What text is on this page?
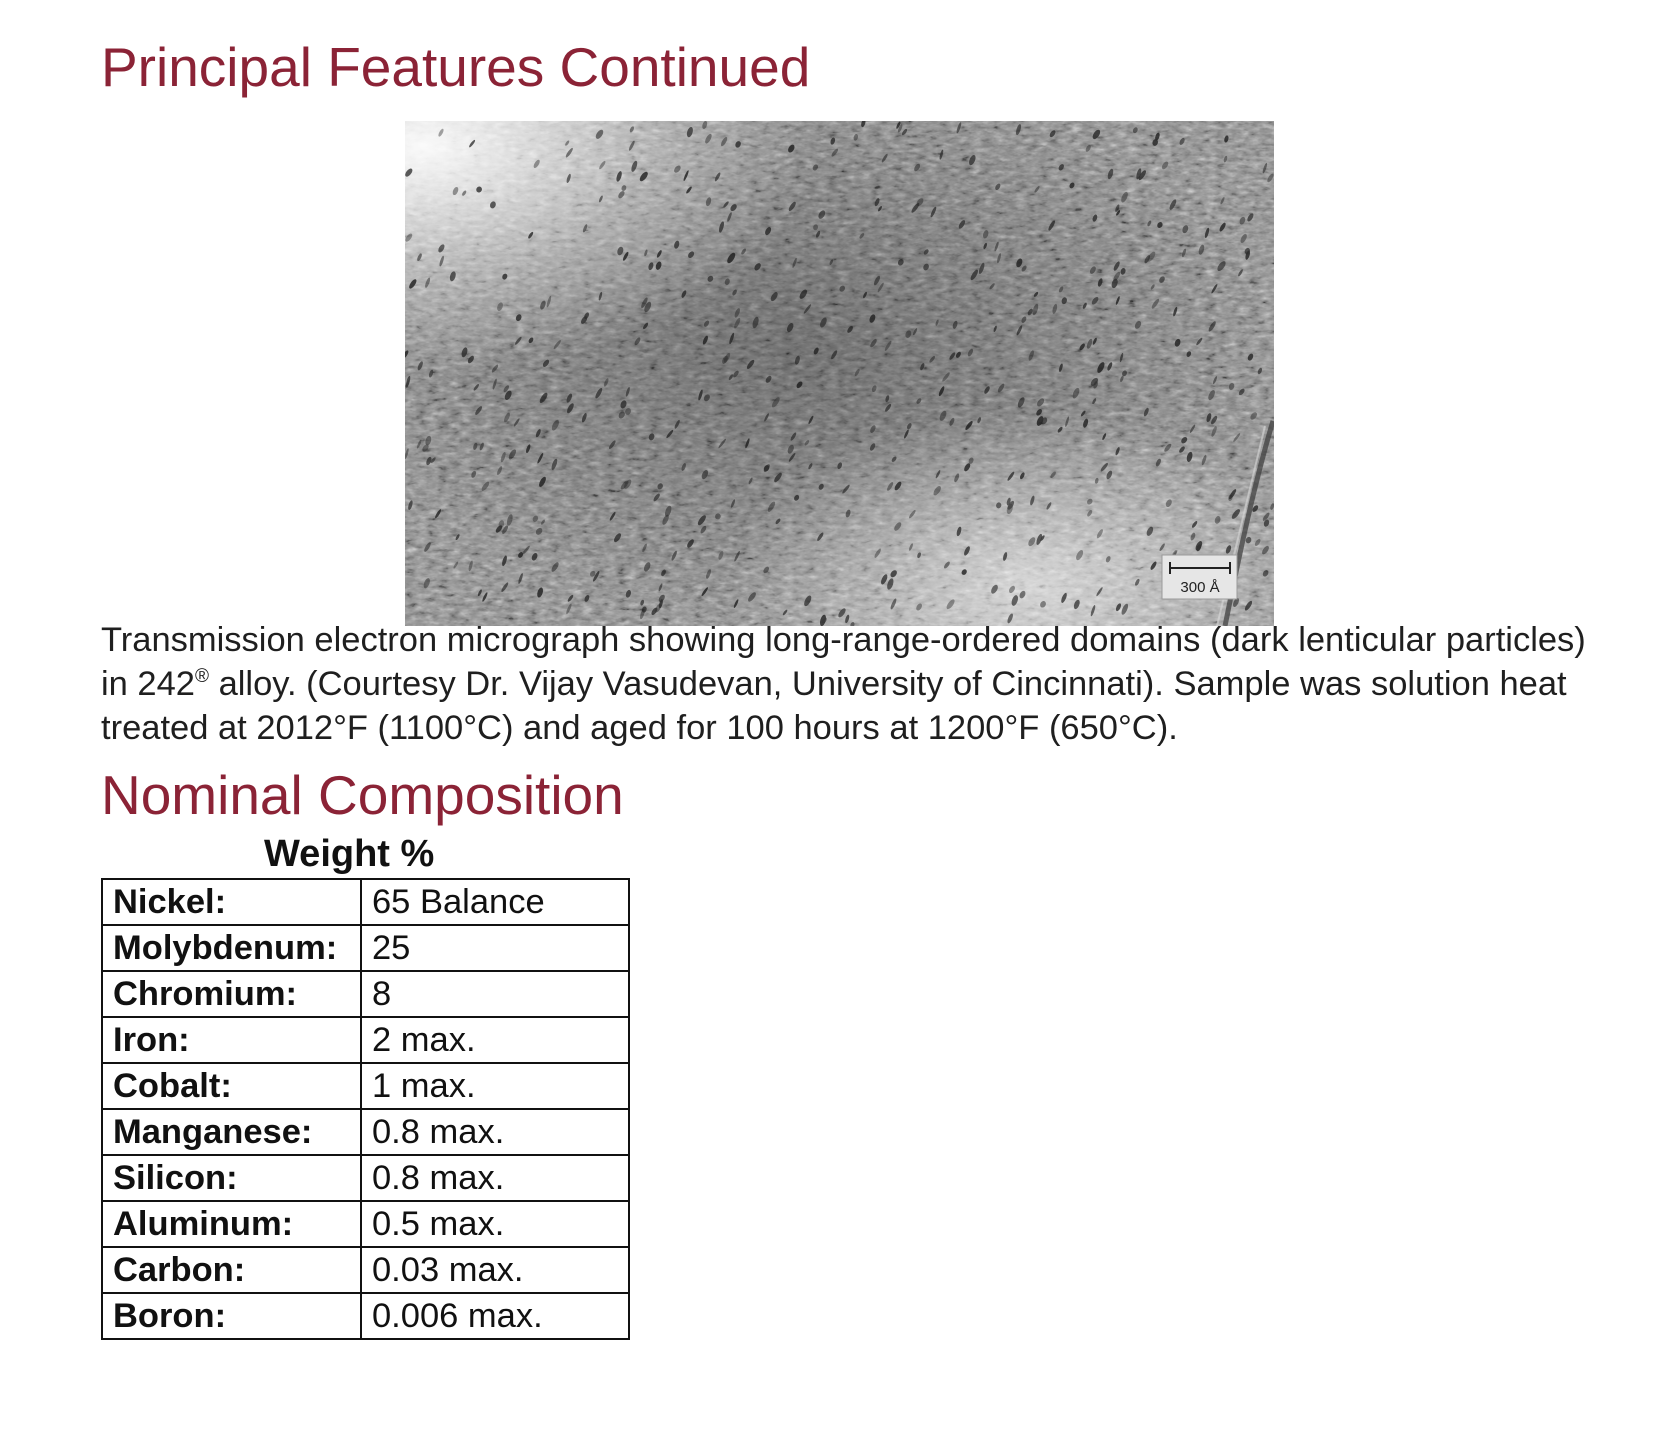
Principal Features Continued
300 Å

Transmission electron micrograph showing long-range-ordered domains (dark lenticular particles) in 242® alloy. (Courtesy Dr. Vijay Vasudevan, University of Cincinnati). Sample was solution heat treated at 2012°F (1100°C) and aged for 100 hours at 1200°F (650°C).

Nominal Composition
Weight %
Nickel:	65 Balance
Molybdenum:	25
Chromium:	8
Iron:	2 max.
Cobalt:	1 max.
Manganese:	0.8 max.
Silicon:	0.8 max.
Aluminum:	0.5 max.
Carbon:	0.03 max.
Boron:	0.006 max.
